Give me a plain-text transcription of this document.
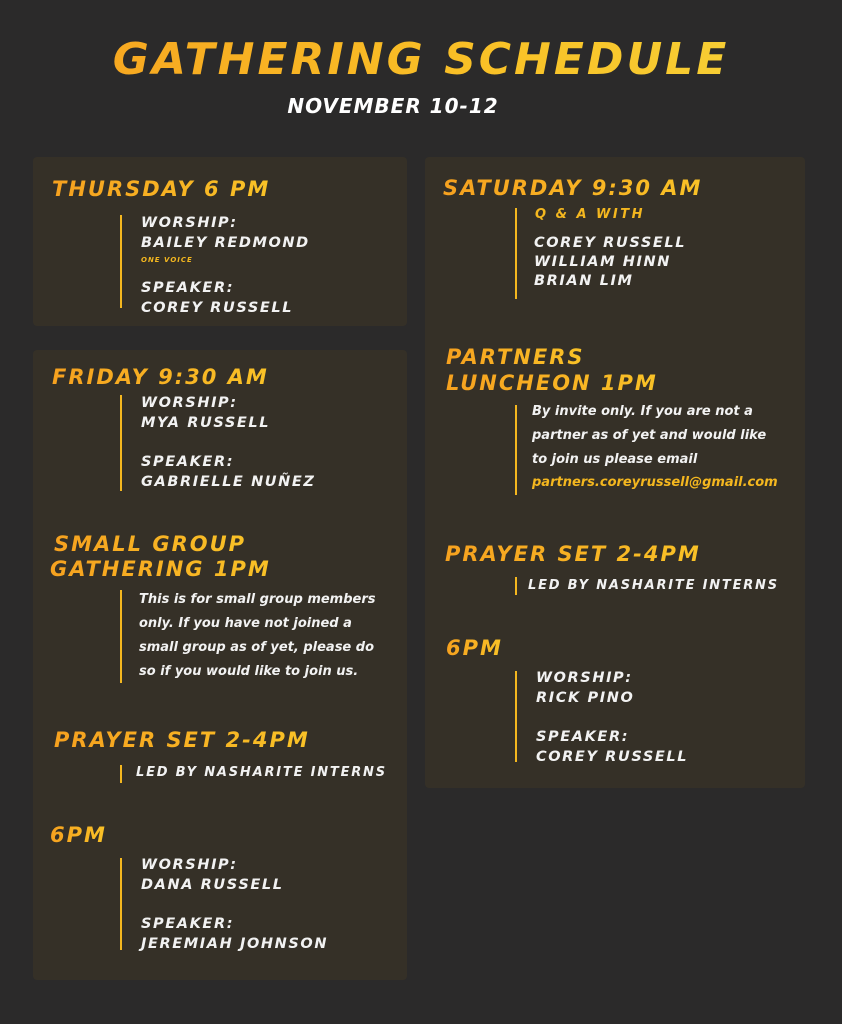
GATHERING SCHEDULE
NOVEMBER 10-12
THURSDAY 6 PM
WORSHIP:
BAILEY REDMOND
ONE VOICE
SPEAKER:
COREY RUSSELL
FRIDAY 9:30 AM
WORSHIP:
MYA RUSSELL
SPEAKER:
GABRIELLE NUÑEZ
SMALL GROUP
GATHERING 1PM
This is for small group members
only. If you have not joined a
small group as of yet, please do
so if you would like to join us.
PRAYER SET 2-4PM
LED BY NASHARITE INTERNS
6PM
WORSHIP:
DANA RUSSELL
SPEAKER:
JEREMIAH JOHNSON
SATURDAY 9:30 AM
Q & A WITH
COREY RUSSELL
WILLIAM HINN
BRIAN LIM
PARTNERS
LUNCHEON 1PM
By invite only. If you are not a
partner as of yet and would like
to join us please email
partners.coreyrussell@gmail.com
PRAYER SET 2-4PM
LED BY NASHARITE INTERNS
6PM
WORSHIP:
RICK PINO
SPEAKER:
COREY RUSSELL
